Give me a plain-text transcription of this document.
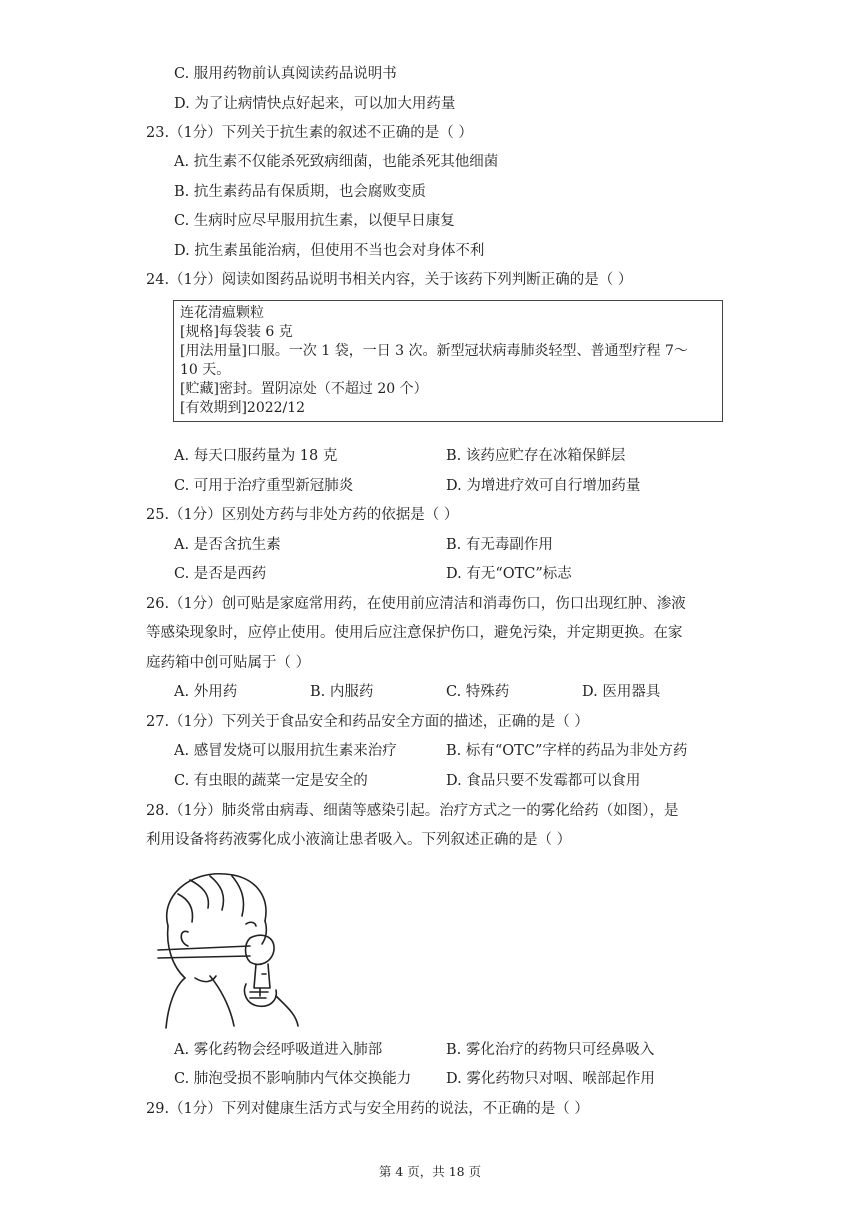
C. 服用药物前认真阅读药品说明书
D. 为了让病情快点好起来，可以加大用药量
23.（1分）下列关于抗生素的叙述不正确的是（ ）
A. 抗生素不仅能杀死致病细菌，也能杀死其他细菌
B. 抗生素药品有保质期，也会腐败变质
C. 生病时应尽早服用抗生素，以便早日康复
D. 抗生素虽能治病，但使用不当也会对身体不利
24.（1分）阅读如图药品说明书相关内容，关于该药下列判断正确的是（ ）
连花清瘟颗粒
[规格]每袋装 6 克
[用法用量]口服。一次 1 袋，一日 3 次。新型冠状病毒肺炎轻型、普通型疗程 7～
10 天。
[贮藏]密封。置阴凉处（不超过 20 个）
[有效期到]2022/12
A. 每天口服药量为 18 克	B. 该药应贮存在冰箱保鲜层
C. 可用于治疗重型新冠肺炎	D. 为增进疗效可自行增加药量
25.（1分）区别处方药与非处方药的依据是（ ）
A. 是否含抗生素	B. 有无毒副作用
C. 是否是西药	D. 有无“OTC”标志
26.（1分）创可贴是家庭常用药，在使用前应清洁和消毒伤口，伤口出现红肿、渗液
等感染现象时，应停止使用。使用后应注意保护伤口，避免污染，并定期更换。在家
庭药箱中创可贴属于（ ）
A. 外用药	B. 内服药	C. 特殊药	D. 医用器具
27.（1分）下列关于食品安全和药品安全方面的描述，正确的是（ ）
A. 感冒发烧可以服用抗生素来治疗	B. 标有“OTC”字样的药品为非处方药
C. 有虫眼的蔬菜一定是安全的	D. 食品只要不发霉都可以食用
28.（1分）肺炎常由病毒、细菌等感染引起。治疗方式之一的雾化给药（如图），是
利用设备将药液雾化成小液滴让患者吸入。下列叙述正确的是（ ）
A. 雾化药物会经呼吸道进入肺部	B. 雾化治疗的药物只可经鼻吸入
C. 肺泡受损不影响肺内气体交换能力 D. 雾化药物只对咽、喉部起作用
29.（1分）下列对健康生活方式与安全用药的说法，不正确的是（ ）
第 4 页，共 18 页
